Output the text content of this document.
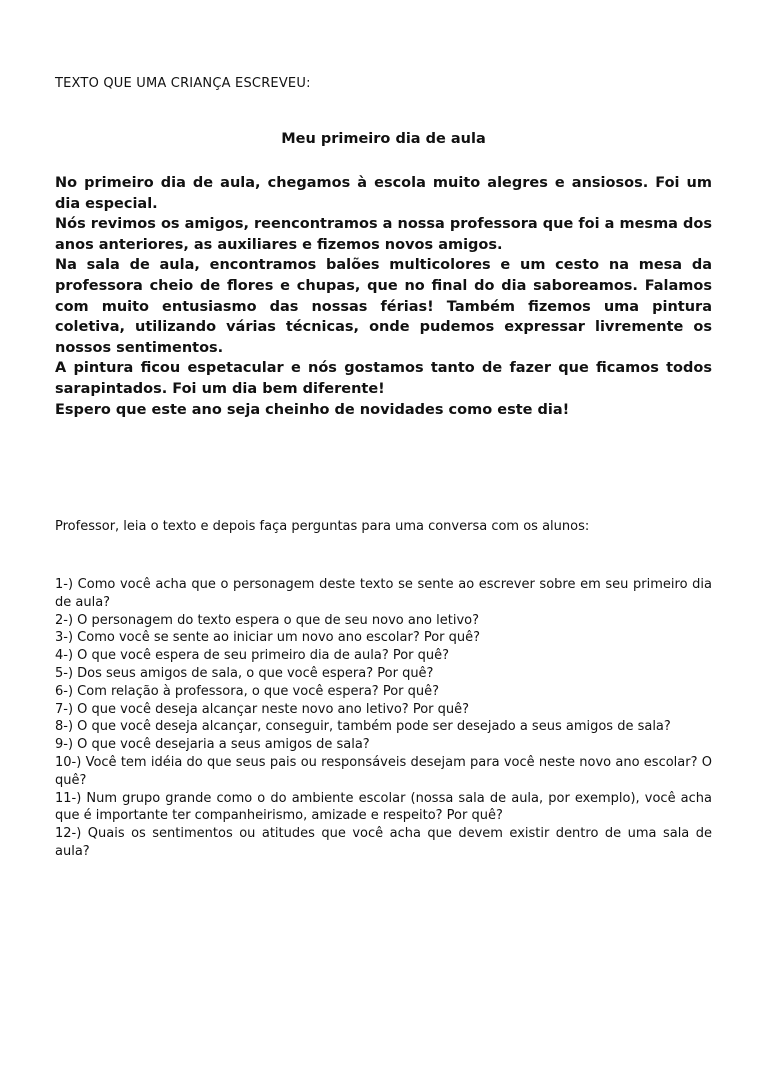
TEXTO QUE UMA CRIANÇA ESCREVEU:
Meu primeiro dia de aula

No primeiro dia de aula, chegamos à escola muito alegres e ansiosos. Foi um dia especial.

Nós revimos os amigos, reencontramos a nossa professora que foi a mesma dos anos anteriores, as auxiliares e fizemos novos amigos.

Na sala de aula, encontramos balões multicolores e um cesto na mesa da professora cheio de flores e chupas, que no final do dia saboreamos. Falamos com muito entusiasmo das nossas férias! Também fizemos uma pintura coletiva, utilizando várias técnicas, onde pudemos expressar livremente os nossos sentimentos.

A pintura ficou espetacular e nós gostamos tanto de fazer que ficamos todos sarapintados. Foi um dia bem diferente!

Espero que este ano seja cheinho de novidades como este dia!

Professor, leia o texto e depois faça perguntas para uma conversa com os alunos:

1-) Como você acha que o personagem deste texto se sente ao escrever sobre em seu primeiro dia de aula?

2-) O personagem do texto espera o que de seu novo ano letivo?

3-) Como você se sente ao iniciar um novo ano escolar? Por quê?

4-) O que você espera de seu primeiro dia de aula? Por quê?

5-) Dos seus amigos de sala, o que você espera? Por quê?

6-) Com relação à professora, o que você espera? Por quê?

7-) O que você deseja alcançar neste novo ano letivo? Por quê?

8-) O que você deseja alcançar, conseguir, também pode ser desejado a seus amigos de sala?

9-) O que você desejaria a seus amigos de sala?

10-) Você tem idéia do que seus pais ou responsáveis desejam para você neste novo ano escolar? O quê?

11-) Num grupo grande como o do ambiente escolar (nossa sala de aula, por exemplo), você acha que é importante ter companheirismo, amizade e respeito? Por quê?

12-) Quais os sentimentos ou atitudes que você acha que devem existir dentro de uma sala de aula?
